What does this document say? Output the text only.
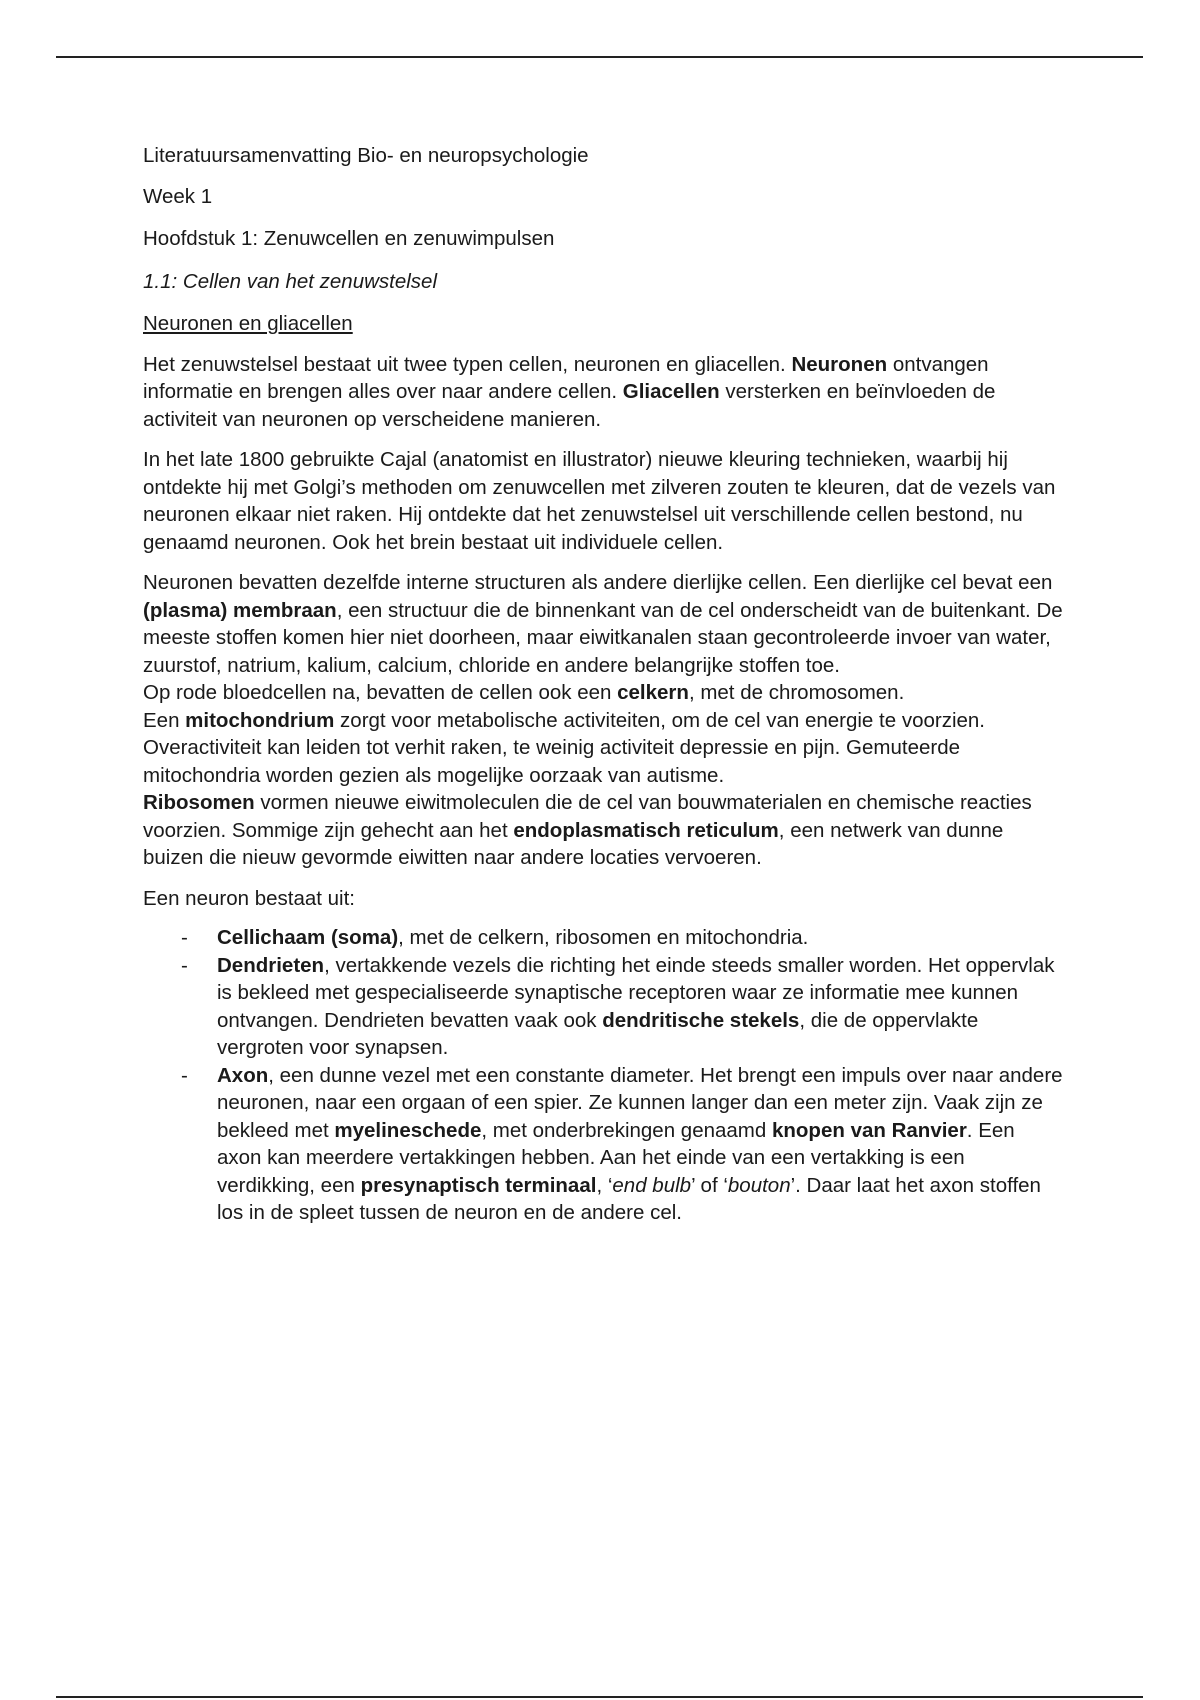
Literatuursamenvatting Bio- en neuropsychologie

Week 1

Hoofdstuk 1: Zenuwcellen en zenuwimpulsen

1.1: Cellen van het zenuwstelsel

Neuronen en gliacellen

Het zenuwstelsel bestaat uit twee typen cellen, neuronen en gliacellen. Neuronen ontvangen informatie en brengen alles over naar andere cellen. Gliacellen versterken en beïnvloeden de activiteit van neuronen op verscheidene manieren.

In het late 1800 gebruikte Cajal (anatomist en illustrator) nieuwe kleuring technieken, waarbij hij ontdekte hij met Golgi’s methoden om zenuwcellen met zilveren zouten te kleuren, dat de vezels van neuronen elkaar niet raken. Hij ontdekte dat het zenuwstelsel uit verschillende cellen bestond, nu genaamd neuronen. Ook het brein bestaat uit individuele cellen.

Neuronen bevatten dezelfde interne structuren als andere dierlijke cellen. Een dierlijke cel bevat een (plasma) membraan, een structuur die de binnenkant van de cel onderscheidt van de buitenkant. De meeste stoffen komen hier niet doorheen, maar eiwitkanalen staan gecontroleerde invoer van water, zuurstof, natrium, kalium, calcium, chloride en andere belangrijke stoffen toe.

Op rode bloedcellen na, bevatten de cellen ook een celkern, met de chromosomen.

Een mitochondrium zorgt voor metabolische activiteiten, om de cel van energie te voorzien. Overactiviteit kan leiden tot verhit raken, te weinig activiteit depressie en pijn. Gemuteerde mitochondria worden gezien als mogelijke oorzaak van autisme.

Ribosomen vormen nieuwe eiwitmoleculen die de cel van bouwmaterialen en chemische reacties voorzien. Sommige zijn gehecht aan het endoplasmatisch reticulum, een netwerk van dunne buizen die nieuw gevormde eiwitten naar andere locaties vervoeren.

Een neuron bestaat uit:

- Cellichaam (soma), met de celkern, ribosomen en mitochondria.
- Dendrieten, vertakkende vezels die richting het einde steeds smaller worden. Het oppervlak is bekleed met gespecialiseerde synaptische receptoren waar ze informatie mee kunnen ontvangen. Dendrieten bevatten vaak ook dendritische stekels, die de oppervlakte vergroten voor synapsen.
- Axon, een dunne vezel met een constante diameter. Het brengt een impuls over naar andere neuronen, naar een orgaan of een spier. Ze kunnen langer dan een meter zijn. Vaak zijn ze bekleed met myelineschede, met onderbrekingen genaamd knopen van Ranvier. Een axon kan meerdere vertakkingen hebben. Aan het einde van een vertakking is een verdikking, een presynaptisch terminaal, ‘end bulb’ of ‘bouton’. Daar laat het axon stoffen los in de spleet tussen de neuron en de andere cel.
